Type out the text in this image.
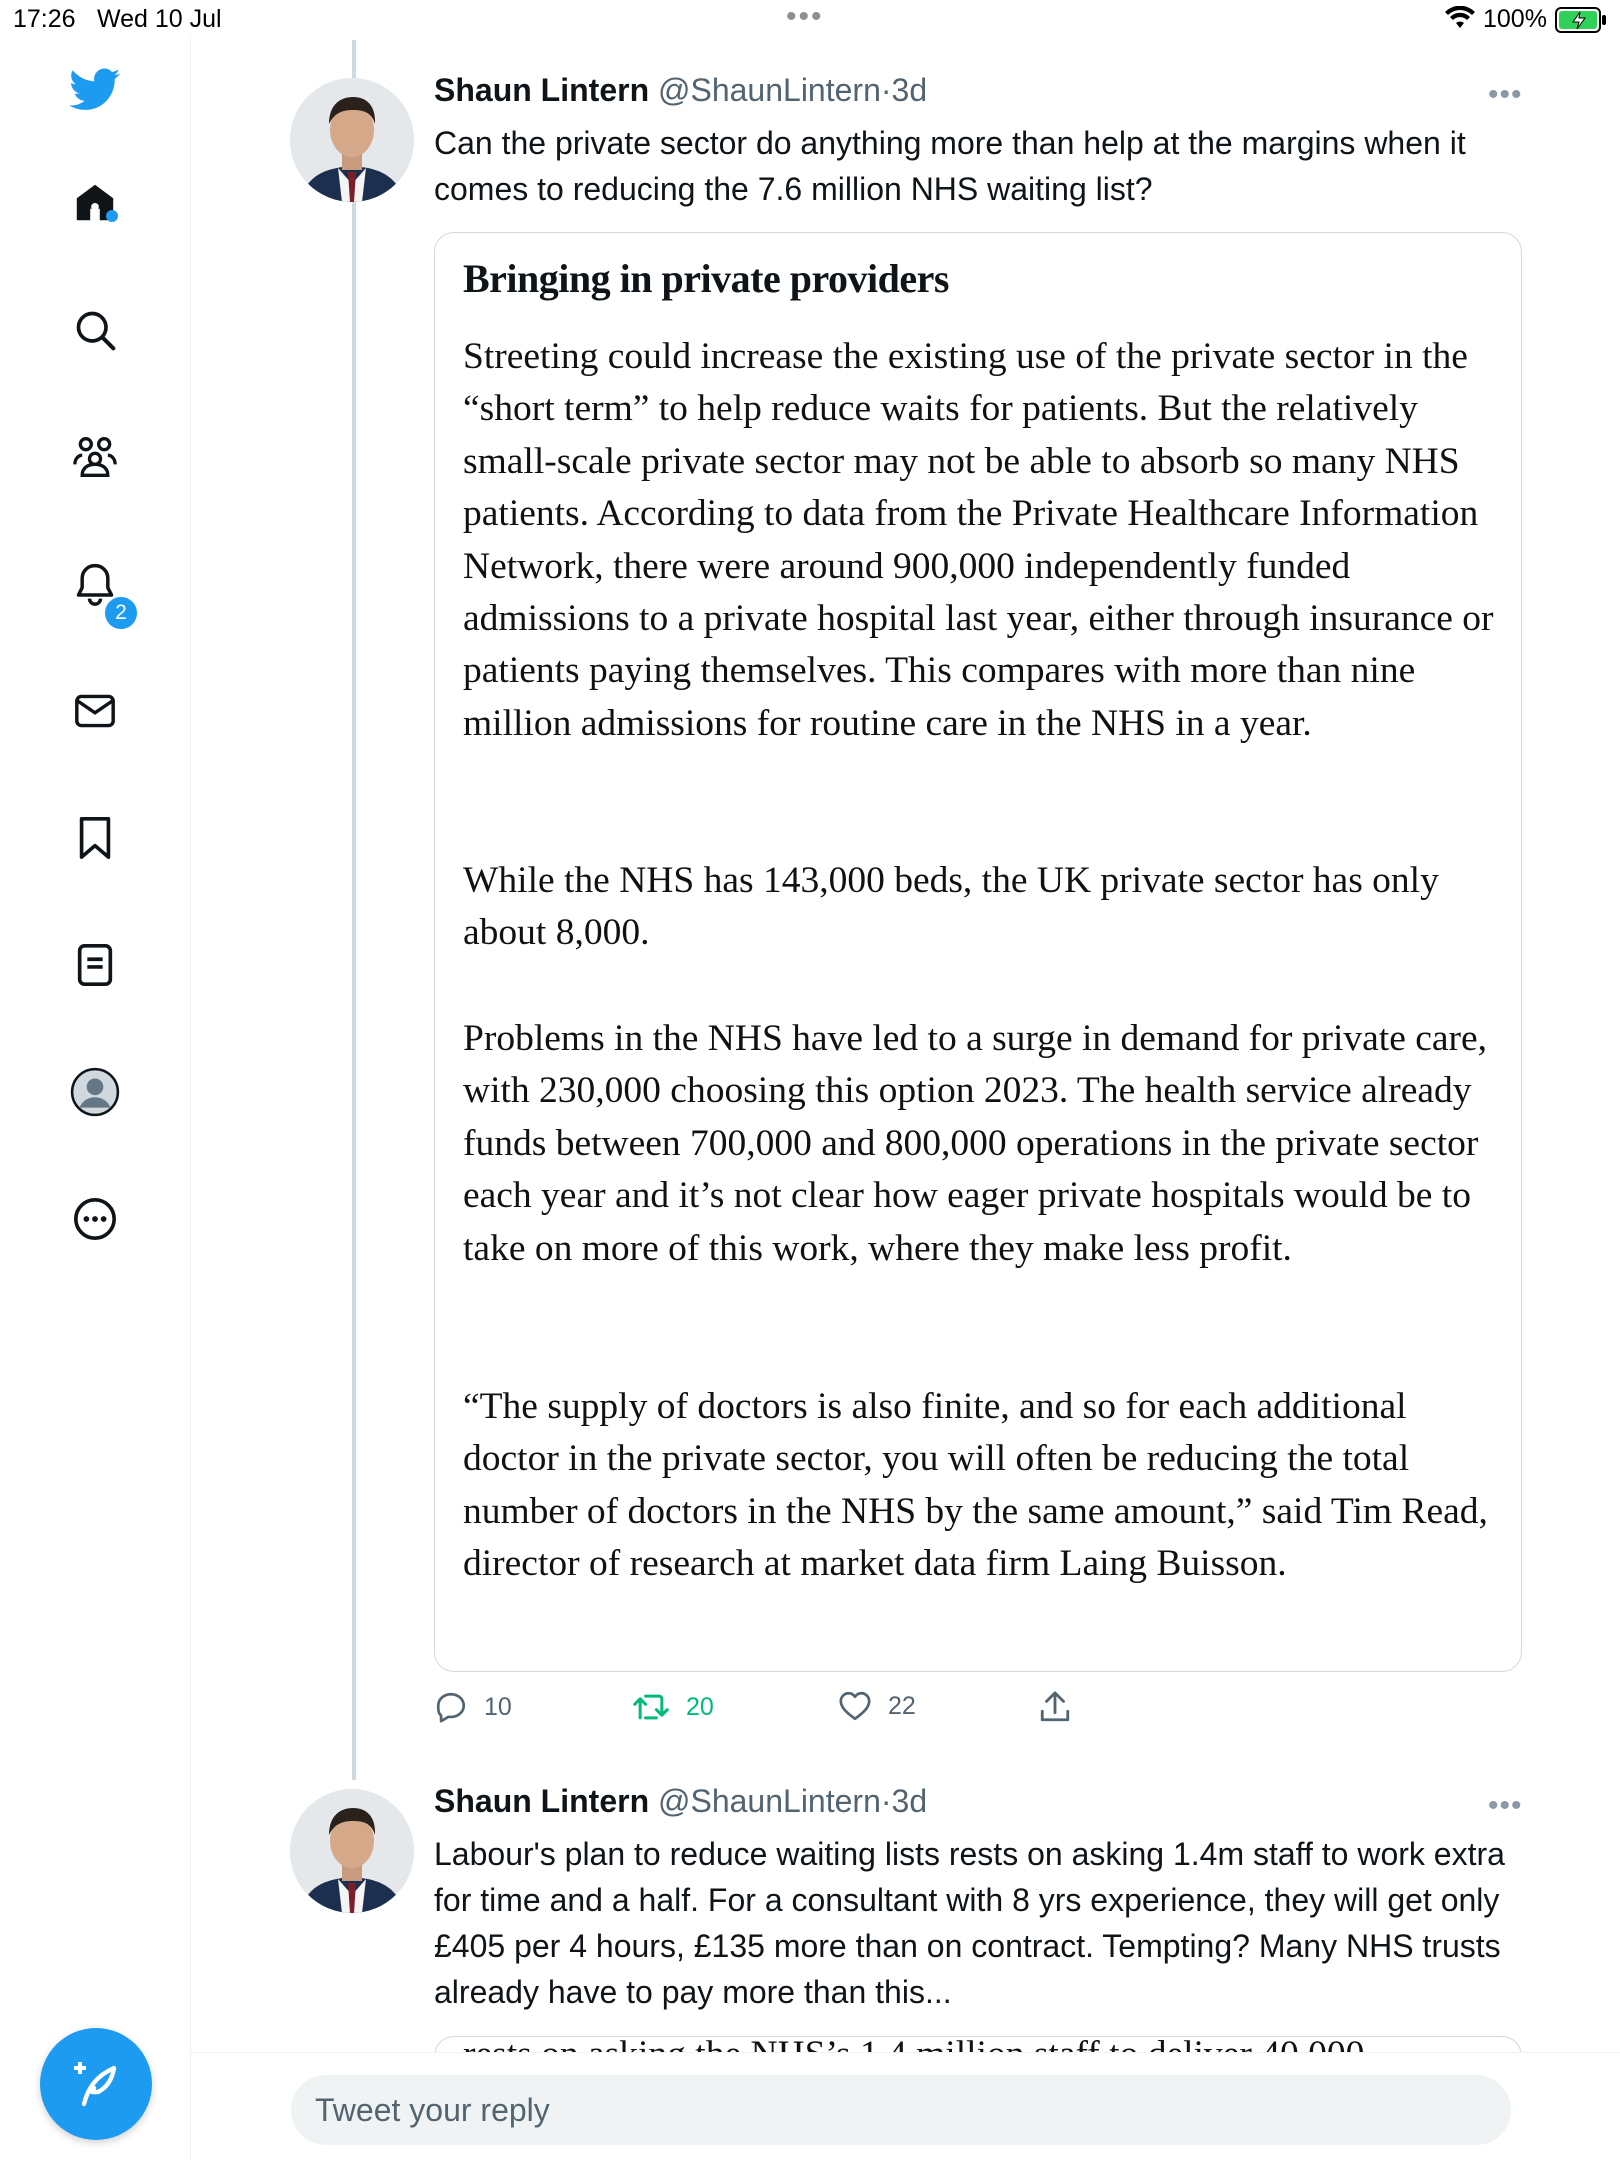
17:26 Wed 10 Jul	•••	100%
2
Shaun Lintern @ShaunLintern·3d	•••
Can the private sector do anything more than help at the margins when it comes to reducing the 7.6 million NHS waiting list?
Bringing in private providers
Streeting could increase the existing use of the private sector in the “short term” to help reduce waits for patients. But the relatively small-scale private sector may not be able to absorb so many NHS patients. According to data from the Private Healthcare Information Network, there were around 900,000 independently funded admissions to a private hospital last year, either through insurance or patients paying themselves. This compares with more than nine million admissions for routine care in the NHS in a year.
While the NHS has 143,000 beds, the UK private sector has only about 8,000.
Problems in the NHS have led to a surge in demand for private care, with 230,000 choosing this option 2023. The health service already funds between 700,000 and 800,000 operations in the private sector each year and it’s not clear how eager private hospitals would be to take on more of this work, where they make less profit.
“The supply of doctors is also finite, and so for each additional doctor in the private sector, you will often be reducing the total number of doctors in the NHS by the same amount,” said Tim Read, director of research at market data firm Laing Buisson.
10	20	22
Shaun Lintern @ShaunLintern·3d	•••
Labour's plan to reduce waiting lists rests on asking 1.4m staff to work extra for time and a half. For a consultant with 8 yrs experience, they will get only £405 per 4 hours, £135 more than on contract. Tempting? Many NHS trusts already have to pay more than this...
Tweet your reply
